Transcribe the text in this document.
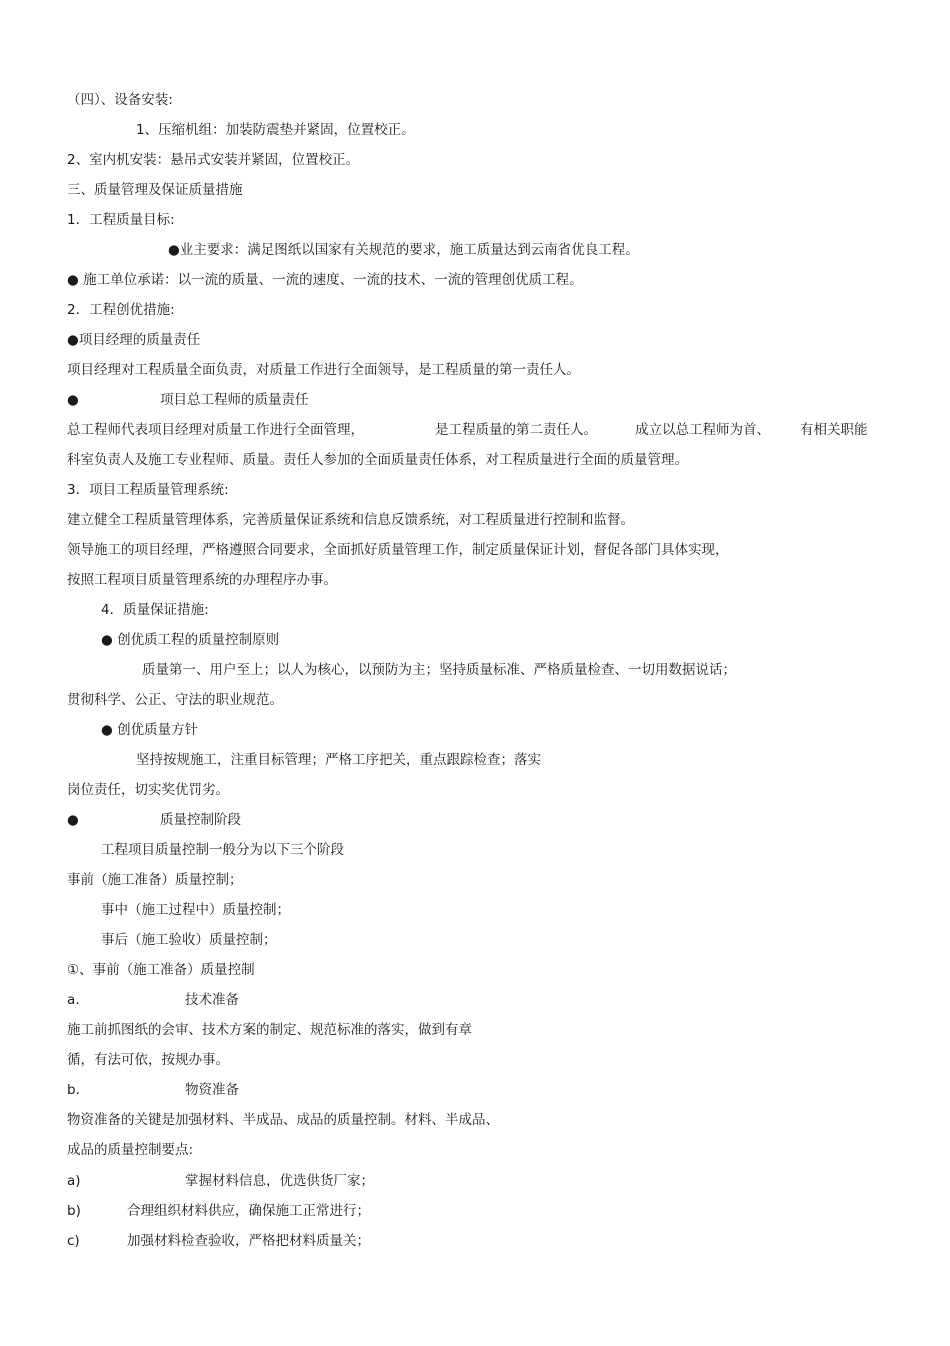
（四）、设备安装:
1、压缩机组：加装防震垫并紧固，位置校正。
2、室内机安装：悬吊式安装并紧固，位置校正。
三、质量管理及保证质量措施
1．工程质量目标:
●业主要求：满足图纸以国家有关规范的要求，施工质量达到云南省优良工程。
● 施工单位承诺：以一流的质量、一流的速度、一流的技术、一流的管理创优质工程。
2．工程创优措施:
●项目经理的质量责任
项目经理对工程质量全面负责，对质量工作进行全面领导，是工程质量的第一责任人。
●	项目总工程师的质量责任
总工程师代表项目经理对质量工作进行全面管理，	是工程质量的第二责任人。	成立以总工程师为首、 有相关职能
科室负责人及施工专业程师、质量。责任人参加的全面质量责任体系，对工程质量进行全面的质量管理。
3．项目工程质量管理系统:
建立健全工程质量管理体系，完善质量保证系统和信息反馈系统，对工程质量进行控制和监督。
领导施工的项目经理，严格遵照合同要求，全面抓好质量管理工作，制定质量保证计划，督促各部门具体实现，
按照工程项目质量管理系统的办理程序办事。
4．质量保证措施:
● 创优质工程的质量控制原则
质量第一、用户至上；以人为核心，以预防为主；坚持质量标准、严格质量检查、一切用数据说话；
贯彻科学、公正、守法的职业规范。
● 创优质量方针
坚持按规施工，注重目标管理；严格工序把关，重点跟踪检查；落实
岗位责任，切实奖优罚劣。
●	质量控制阶段
工程项目质量控制一般分为以下三个阶段
事前（施工准备）质量控制；
事中（施工过程中）质量控制；
事后（施工验收）质量控制；
①、事前（施工准备）质量控制
a.	技术准备
施工前抓图纸的会审、技术方案的制定、规范标准的落实，做到有章
循，有法可依，按规办事。
b.	物资准备
物资准备的关键是加强材料、半成品、成品的质量控制。材料、半成品、
成品的质量控制要点:
a)	掌握材料信息，优选供货厂家；
b)	合理组织材料供应，确保施工正常进行；
c)	加强材料检查验收，严格把材料质量关；
